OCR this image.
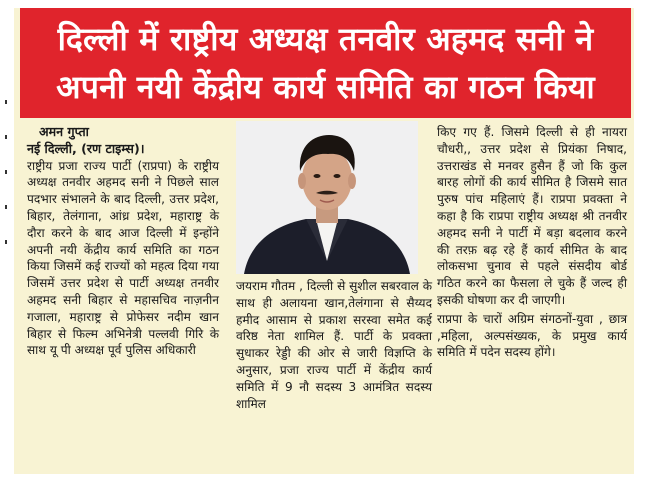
दिल्ली में राष्ट्रीय अध्यक्ष तनवीर अहमद सनी ने
अपनी नयी केंद्रीय कार्य समिति का गठन किया
अमन गुप्ता
नई दिल्ली, (रण टाइम्स)।

राष्ट्रीय प्रजा राज्य पार्टी (राप्रपा) के राष्ट्रीय अध्यक्ष तनवीर अहमद सनी ने पिछले साल पदभार संभालने के बाद दिल्ली, उत्तर प्रदेश, बिहार, तेलंगाना, आंध्र प्रदेश, महाराष्ट्र के दौरा करने के बाद आज दिल्ली में इन्होंने अपनी नयी केंद्रीय कार्य समिति का गठन किया जिसमें कई राज्यों को महत्व दिया गया जिसमें उत्तर प्रदेश से पार्टी अध्यक्ष तनवीर अहमद सनी बिहार से महासचिव नाज़नीन गजाला, महाराष्ट्र से प्रोफेसर नदीम खान बिहार से फिल्म अभिनेत्री पल्लवी गिरि के साथ यू पी अध्यक्ष पूर्व पुलिस अधिकारी

जयराम गौतम , दिल्ली से सुशील सबरवाल के साथ ही अलायना खान,तेलंगाना से सैय्यद हमीद आसाम से प्रकाश सरस्वा समेत कई वरिष्ठ नेता शामिल हैं. पार्टी के प्रवक्ता सुधाकर रेड्डी की ओर से जारी विज्ञप्ति के अनुसार, प्रजा राज्य पार्टी में केंद्रीय कार्य समिति में 9 नौ सदस्य 3 आमंत्रित सदस्य शामिल

किए गए हैं. जिसमे दिल्ली से ही नायरा चौधरी,, उत्तर प्रदेश से प्रियंका निषाद, उत्तराखंड से मनवर हुसैन हैं जो कि कुल बारह लोगों की कार्य सीमित है जिसमे सात पुरुष पांच महिलाएं हैं। राप्रपा प्रवक्ता ने कहा है कि राप्रपा राष्ट्रीय अध्यक्ष श्री तनवीर अहमद सनी ने पार्टी में बड़ा बदलाव करने की तरफ़ बढ़ रहे हैं कार्य सीमित के बाद लोकसभा चुनाव से पहले संसदीय बोर्ड गठित करने का फैसला ले चुके हैं जल्द ही इसकी घोषणा कर दी जाएगी।

राप्रपा के चारों अग्रिम संगठनों-युवा , छात्र ,महिला, अल्पसंख्यक, के प्रमुख कार्य समिति में पदेन सदस्य होंगे।
